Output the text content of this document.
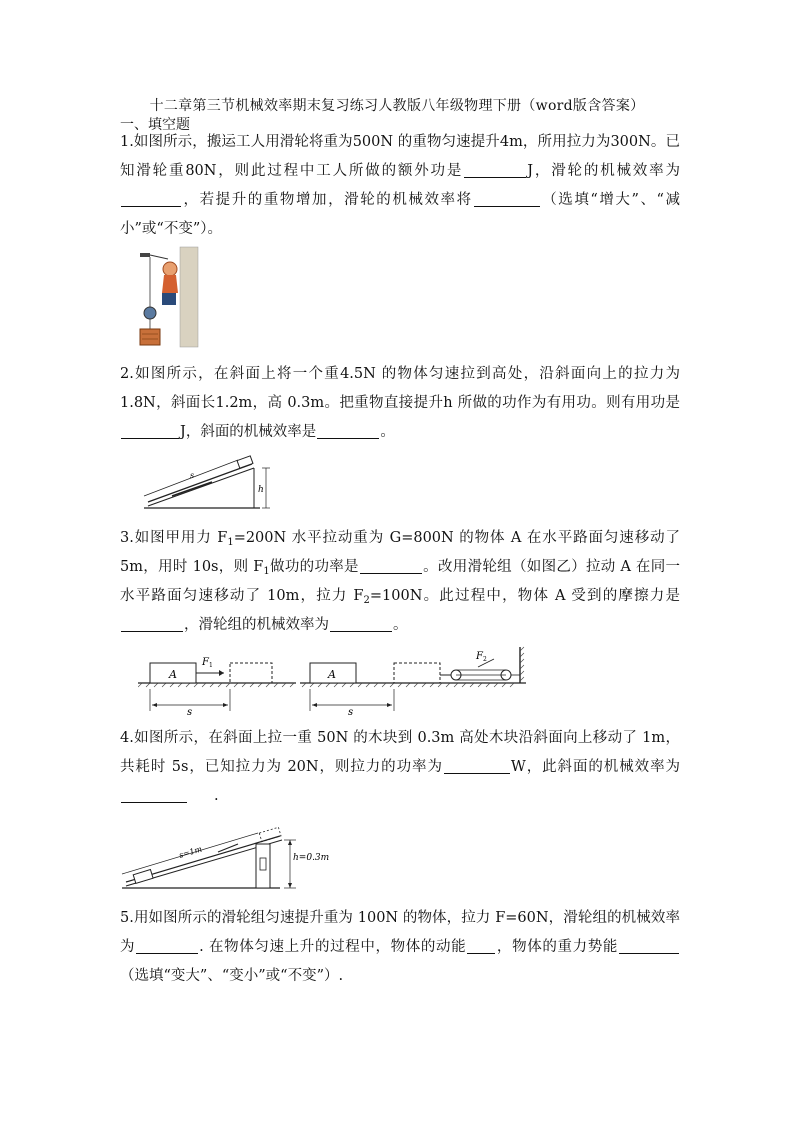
十二章第三节机械效率期末复习练习人教版八年级物理下册（word版含答案）
一、填空题
1.如图所示，搬运工人用滑轮将重为500N 的重物匀速提升4m，所用拉力为300N。已知滑轮重80N，则此过程中工人所做的额外功是	J，滑轮的机械效率为，若提升的重物增加，滑轮的机械效率将	（选填“增大”、“减小”或“不变”）。
2.如图所示，在斜面上将一个重4.5N 的物体匀速拉到高处，沿斜面向上的拉力为 1.8N，斜面长1.2m，高 0.3m。把重物直接提升h 所做的功作为有用功。则有用功是J，斜面的机械效率是	。
s
h
3.如图甲用力 $F_1=200N$ 水平拉动重为 G=800N 的物体 A 在水平路面匀速移动了5m，用时 10s，则 $F_1$做功的功率是	。改用滑轮组（如图乙）拉动 A 在同一水平路面匀速移动了 10m，拉力 $F_2=100N$。此过程中，物体 A 受到的摩擦力是，滑轮组的机械效率为	。
A
F 1
s
A
F 2
s
4.如图所示，在斜面上拉一重 50N 的木块到 0.3m 高处木块沿斜面向上移动了 1m，共耗时 5s，已知拉力为 20N，则拉力的功率为	W，此斜面的机械效率为.
s=1m	h=0.3m
5.用如图所示的滑轮组匀速提升重为 100N 的物体，拉力 F=60N，滑轮组的机械效率为	. 在物体匀速上升的过程中，物体的动能 ，物体的重力势能（选填“变大”、“变小”或“不变”）.
